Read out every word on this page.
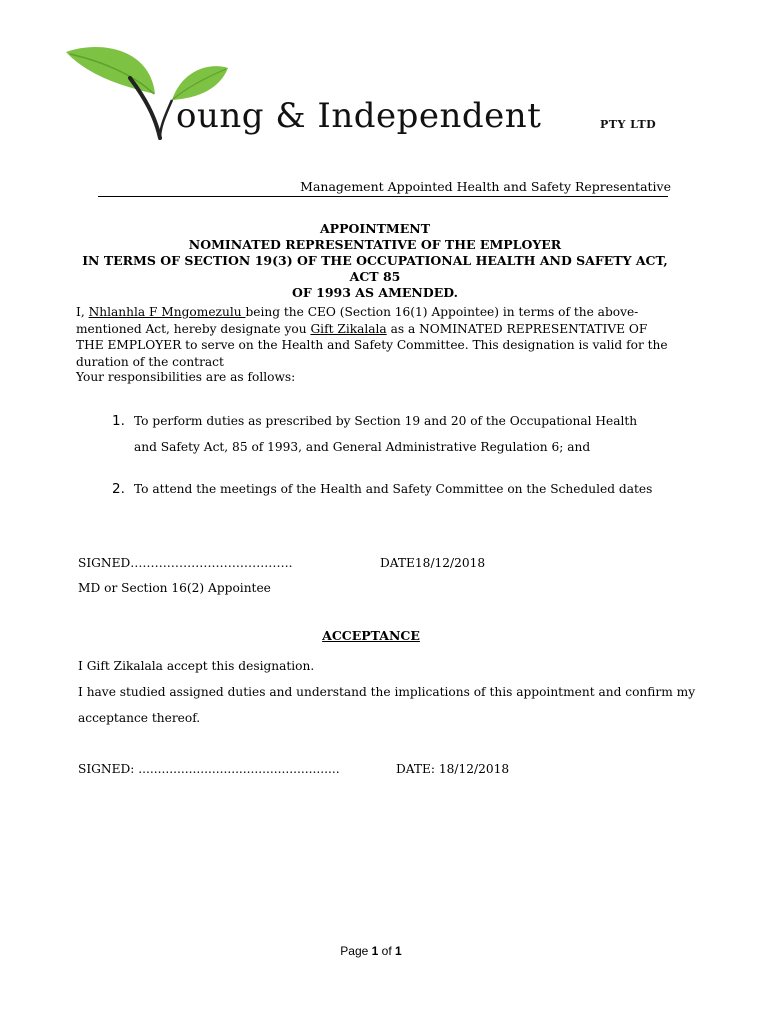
oung & Independent	PTY LTD
Management Appointed Health and Safety Representative
APPOINTMENT
NOMINATED REPRESENTATIVE OF THE EMPLOYER
IN TERMS OF SECTION 19(3) OF THE OCCUPATIONAL HEALTH AND SAFETY ACT, ACT 85
OF 1993 AS AMENDED.
I, Nhlanhla F Mngomezulu being the CEO (Section 16(1) Appointee) in terms of the above-mentioned Act, hereby designate you Gift Zikalala as a NOMINATED REPRESENTATIVE OF THE EMPLOYER to serve on the Health and Safety Committee. This designation is valid for the duration of the contract
Your responsibilities are as follows:
1. To perform duties as prescribed by Section 19 and 20 of the Occupational Health and Safety Act, 85 of 1993, and General Administrative Regulation 6; and
2. To attend the meetings of the Health and Safety Committee on the Scheduled dates
SIGNED………………………………….	DATE18/12/2018
MD or Section 16(2) Appointee
ACCEPTANCE
I Gift Zikalala accept this designation.
I have studied assigned duties and understand the implications of this appointment and confirm my
acceptance thereof.
SIGNED: ....................................................	DATE: 18/12/2018
Page 1 of 1
